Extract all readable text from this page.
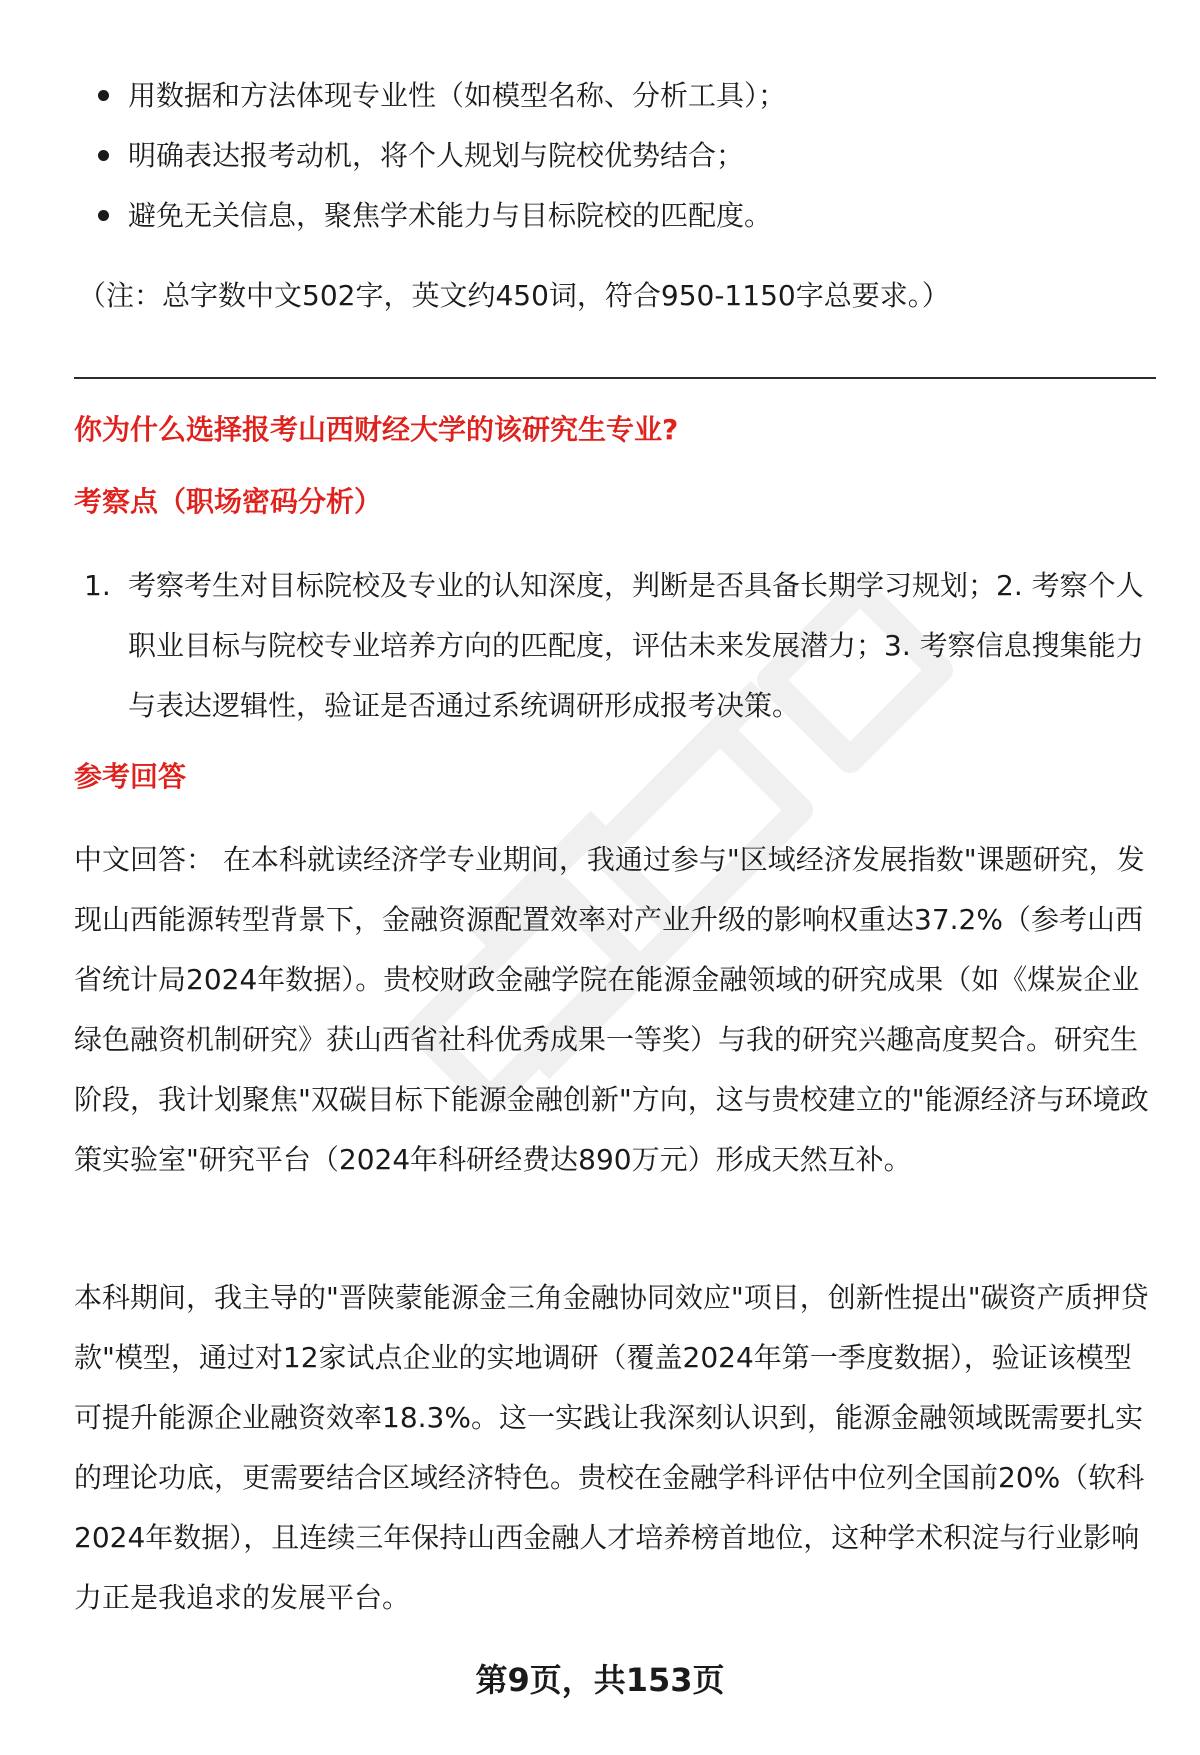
用数据和方法体现专业性（如模型名称、分析工具）；
明确表达报考动机，将个人规划与院校优势结合；
避免无关信息，聚焦学术能力与目标院校的匹配度。
（注：总字数中文502字，英文约450词，符合950-1150字总要求。）
你为什么选择报考山西财经大学的该研究生专业?
考察点（职场密码分析）
1. 考察考生对目标院校及专业的认知深度，判断是否具备长期学习规划；2. 考察个人职业目标与院校专业培养方向的匹配度，评估未来发展潜力；3. 考察信息搜集能力与表达逻辑性，验证是否通过系统调研形成报考决策。
参考回答

中文回答： 在本科就读经济学专业期间，我通过参与"区域经济发展指数"课题研究，发现山西能源转型背景下，金融资源配置效率对产业升级的影响权重达37.2%（参考山西省统计局2024年数据）。贵校财政金融学院在能源金融领域的研究成果（如《煤炭企业绿色融资机制研究》获山西省社科优秀成果一等奖）与我的研究兴趣高度契合。研究生阶段，我计划聚焦"双碳目标下能源金融创新"方向，这与贵校建立的"能源经济与环境政策实验室"研究平台（2024年科研经费达890万元）形成天然互补。

本科期间，我主导的"晋陕蒙能源金三角金融协同效应"项目，创新性提出"碳资产质押贷款"模型，通过对12家试点企业的实地调研（覆盖2024年第一季度数据），验证该模型可提升能源企业融资效率18.3%。这一实践让我深刻认识到，能源金融领域既需要扎实的理论功底，更需要结合区域经济特色。贵校在金融学科评估中位列全国前20%（软科2024年数据），且连续三年保持山西金融人才培养榜首地位，这种学术积淀与行业影响力正是我追求的发展平台。

第9页，共153页
